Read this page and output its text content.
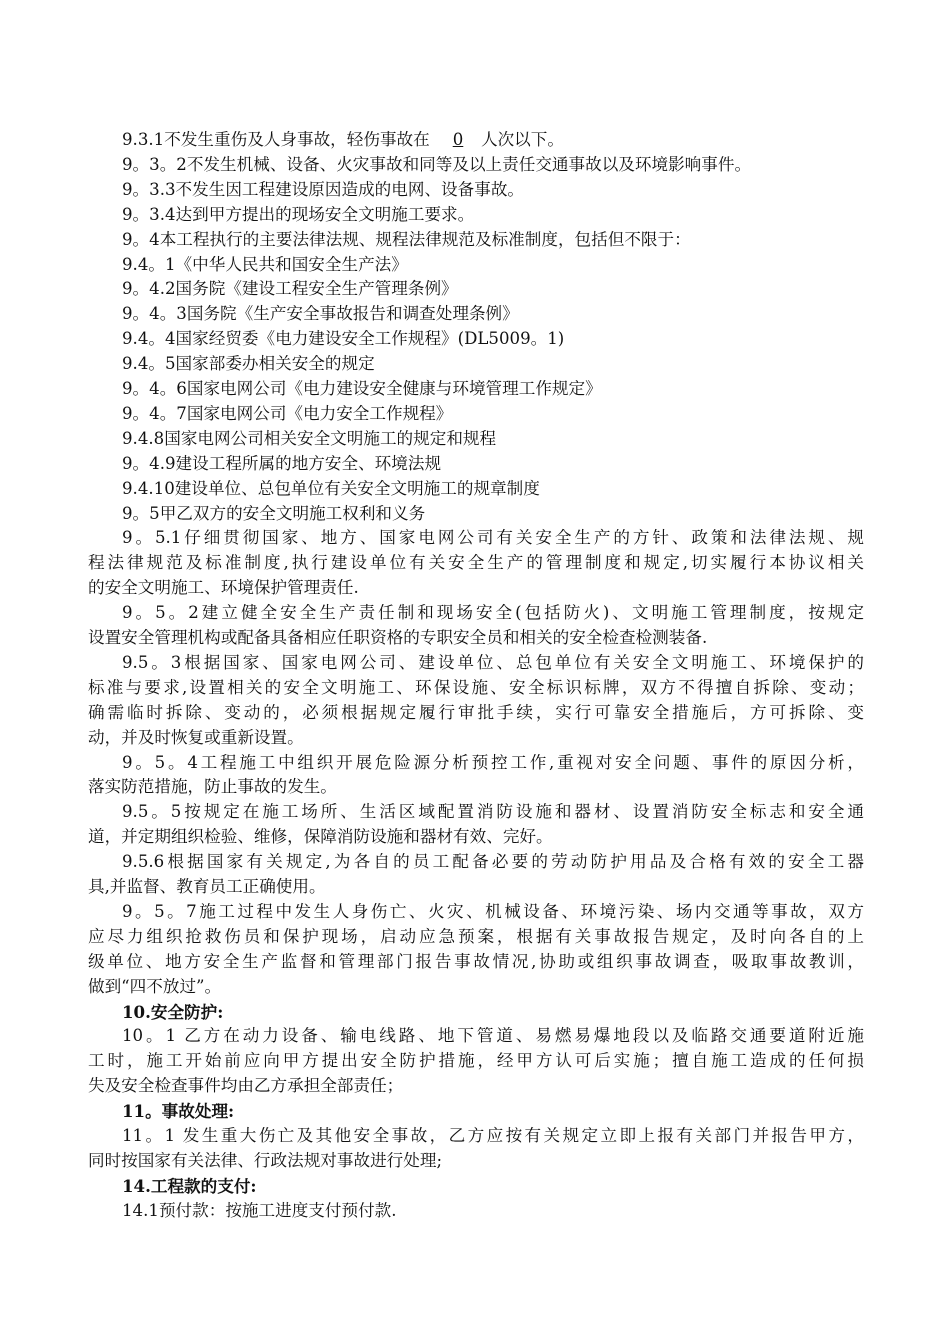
9.3.1不发生重伤及人身事故，轻伤事故在 0 人次以下。
9。3。2不发生机械、设备、火灾事故和同等及以上责任交通事故以及环境影响事件。
9。3.3不发生因工程建设原因造成的电网、设备事故。
9。3.4达到甲方提出的现场安全文明施工要求。
9。4本工程执行的主要法律法规、规程法律规范及标准制度，包括但不限于：
9.4。1《中华人民共和国安全生产法》
9。4.2国务院《建设工程安全生产管理条例》
9。4。3国务院《生产安全事故报告和调查处理条例》
9.4。4国家经贸委《电力建设安全工作规程》(DL5009。1)
9.4。5国家部委办相关安全的规定
9。4。6国家电网公司《电力建设安全健康与环境管理工作规定》
9。4。7国家电网公司《电力安全工作规程》
9.4.8国家电网公司相关安全文明施工的规定和规程
9。4.9建设工程所属的地方安全、环境法规
9.4.10建设单位、总包单位有关安全文明施工的规章制度
9。5甲乙双方的安全文明施工权利和义务
9。5.1仔细贯彻国家、地方、国家电网公司有关安全生产的方针、政策和法律法规、规
程法律规范及标准制度,执行建设单位有关安全生产的管理制度和规定,切实履行本协议相关
的安全文明施工、环境保护管理责任.
9。5。2建立健全安全生产责任制和现场安全(包括防火)、文明施工管理制度，按规定
设置安全管理机构或配备具备相应任职资格的专职安全员和相关的安全检查检测装备.
9.5。3根据国家、国家电网公司、建设单位、总包单位有关安全文明施工、环境保护的
标准与要求,设置相关的安全文明施工、环保设施、安全标识标牌，双方不得擅自拆除、变动；
确需临时拆除、变动的，必须根据规定履行审批手续，实行可靠安全措施后，方可拆除、变
动，并及时恢复或重新设置。
9。5。4工程施工中组织开展危险源分析预控工作,重视对安全问题、事件的原因分析，
落实防范措施，防止事故的发生。
9.5。5按规定在施工场所、生活区域配置消防设施和器材、设置消防安全标志和安全通
道，并定期组织检验、维修，保障消防设施和器材有效、完好。
9.5.6根据国家有关规定,为各自的员工配备必要的劳动防护用品及合格有效的安全工器
具,并监督、教育员工正确使用。
9。5。7施工过程中发生人身伤亡、火灾、机械设备、环境污染、场内交通等事故，双方
应尽力组织抢救伤员和保护现场，启动应急预案，根据有关事故报告规定，及时向各自的上
级单位、地方安全生产监督和管理部门报告事故情况,协助或组织事故调查，吸取事故教训，
做到“四不放过”。
10.安全防护:
10。1 乙方在动力设备、输电线路、地下管道、易燃易爆地段以及临路交通要道附近施
工时，施工开始前应向甲方提出安全防护措施，经甲方认可后实施；擅自施工造成的任何损
失及安全检查事件均由乙方承担全部责任；
11。事故处理:
11。1 发生重大伤亡及其他安全事故，乙方应按有关规定立即上报有关部门并报告甲方，
同时按国家有关法律、行政法规对事故进行处理;
14.工程款的支付:
14.1预付款：按施工进度支付预付款.
